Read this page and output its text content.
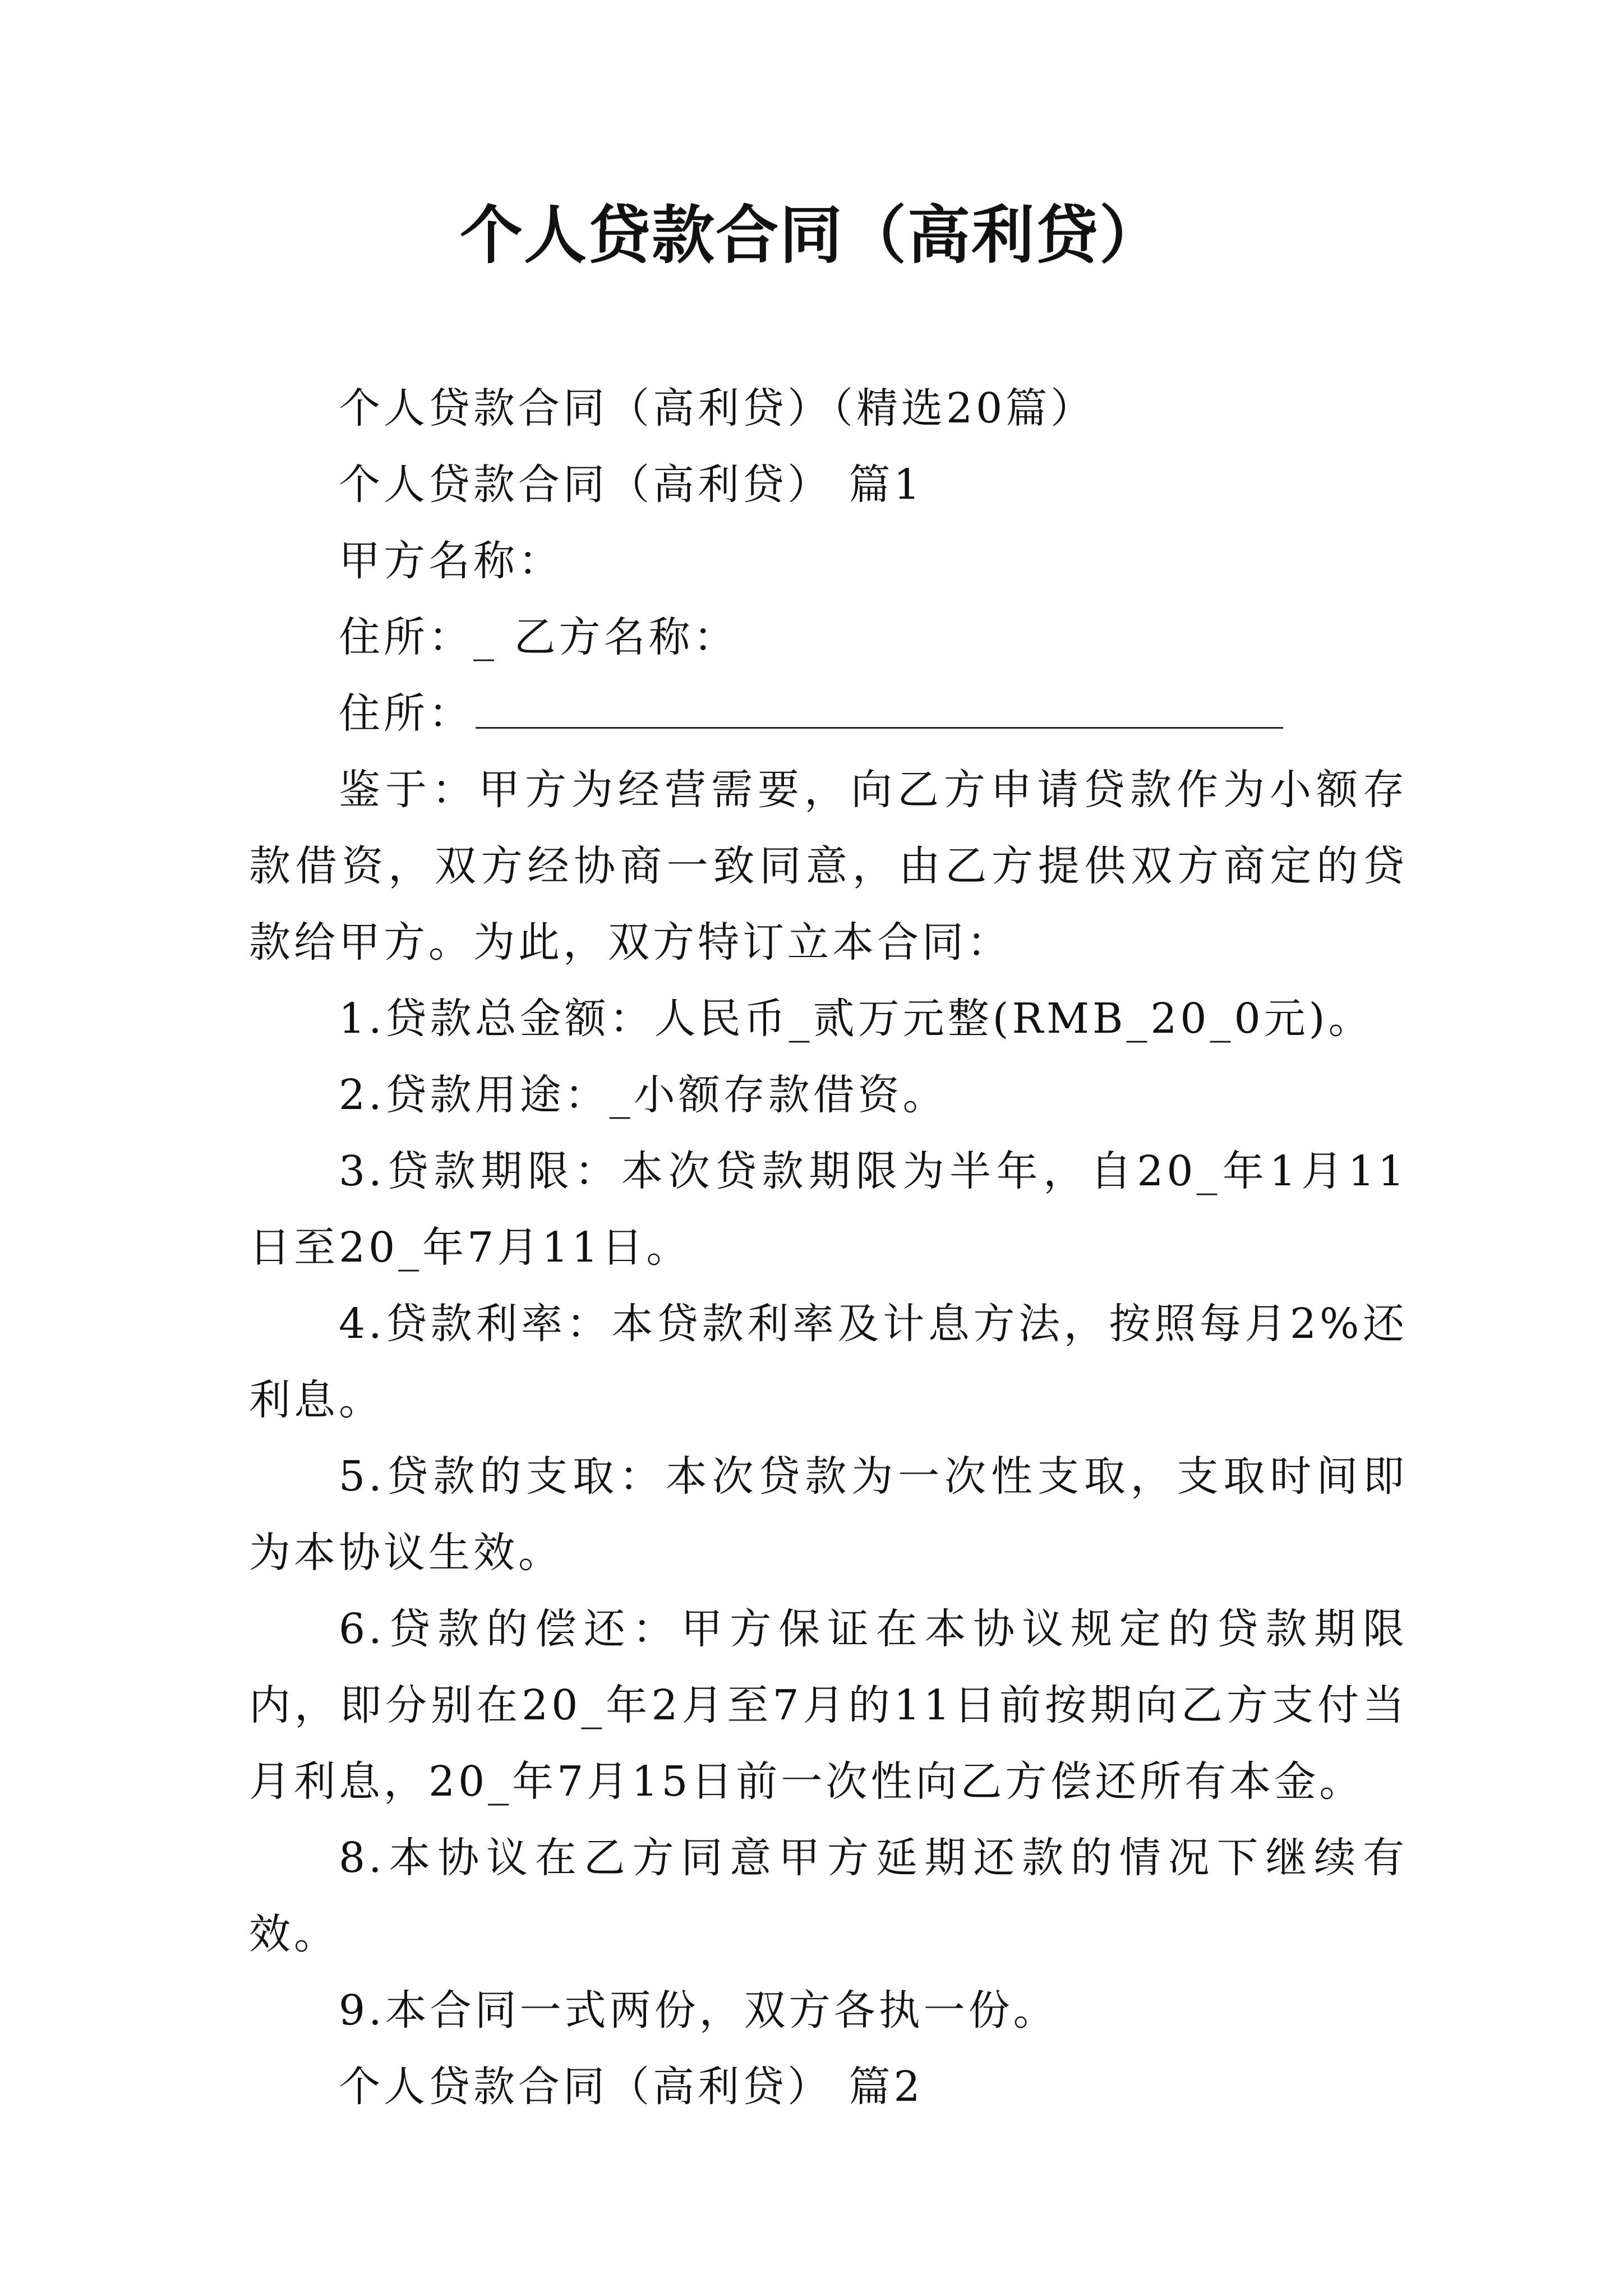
个人贷款合同（高利贷）

个人贷款合同（高利贷）（精选20篇）

个人贷款合同（高利贷） 篇1

甲方名称：

住所：_ 乙方名称：

住所：

鉴于：甲方为经营需要，向乙方申请贷款作为小额存款借资，双方经协商一致同意，由乙方提供双方商定的贷款给甲方。为此，双方特订立本合同：

1.贷款总金额：人民币_贰万元整(RMB_20_0元)。

2.贷款用途：_小额存款借资。

3.贷款期限：本次贷款期限为半年，自20_年1月11日至20_年7月11日。

4.贷款利率：本贷款利率及计息方法，按照每月2%还利息。

5.贷款的支取：本次贷款为一次性支取，支取时间即为本协议生效。

6.贷款的偿还：甲方保证在本协议规定的贷款期限内，即分别在20_年2月至7月的11日前按期向乙方支付当月利息，20_年7月15日前一次性向乙方偿还所有本金。

8.本协议在乙方同意甲方延期还款的情况下继续有效。

9.本合同一式两份，双方各执一份。

个人贷款合同（高利贷） 篇2
